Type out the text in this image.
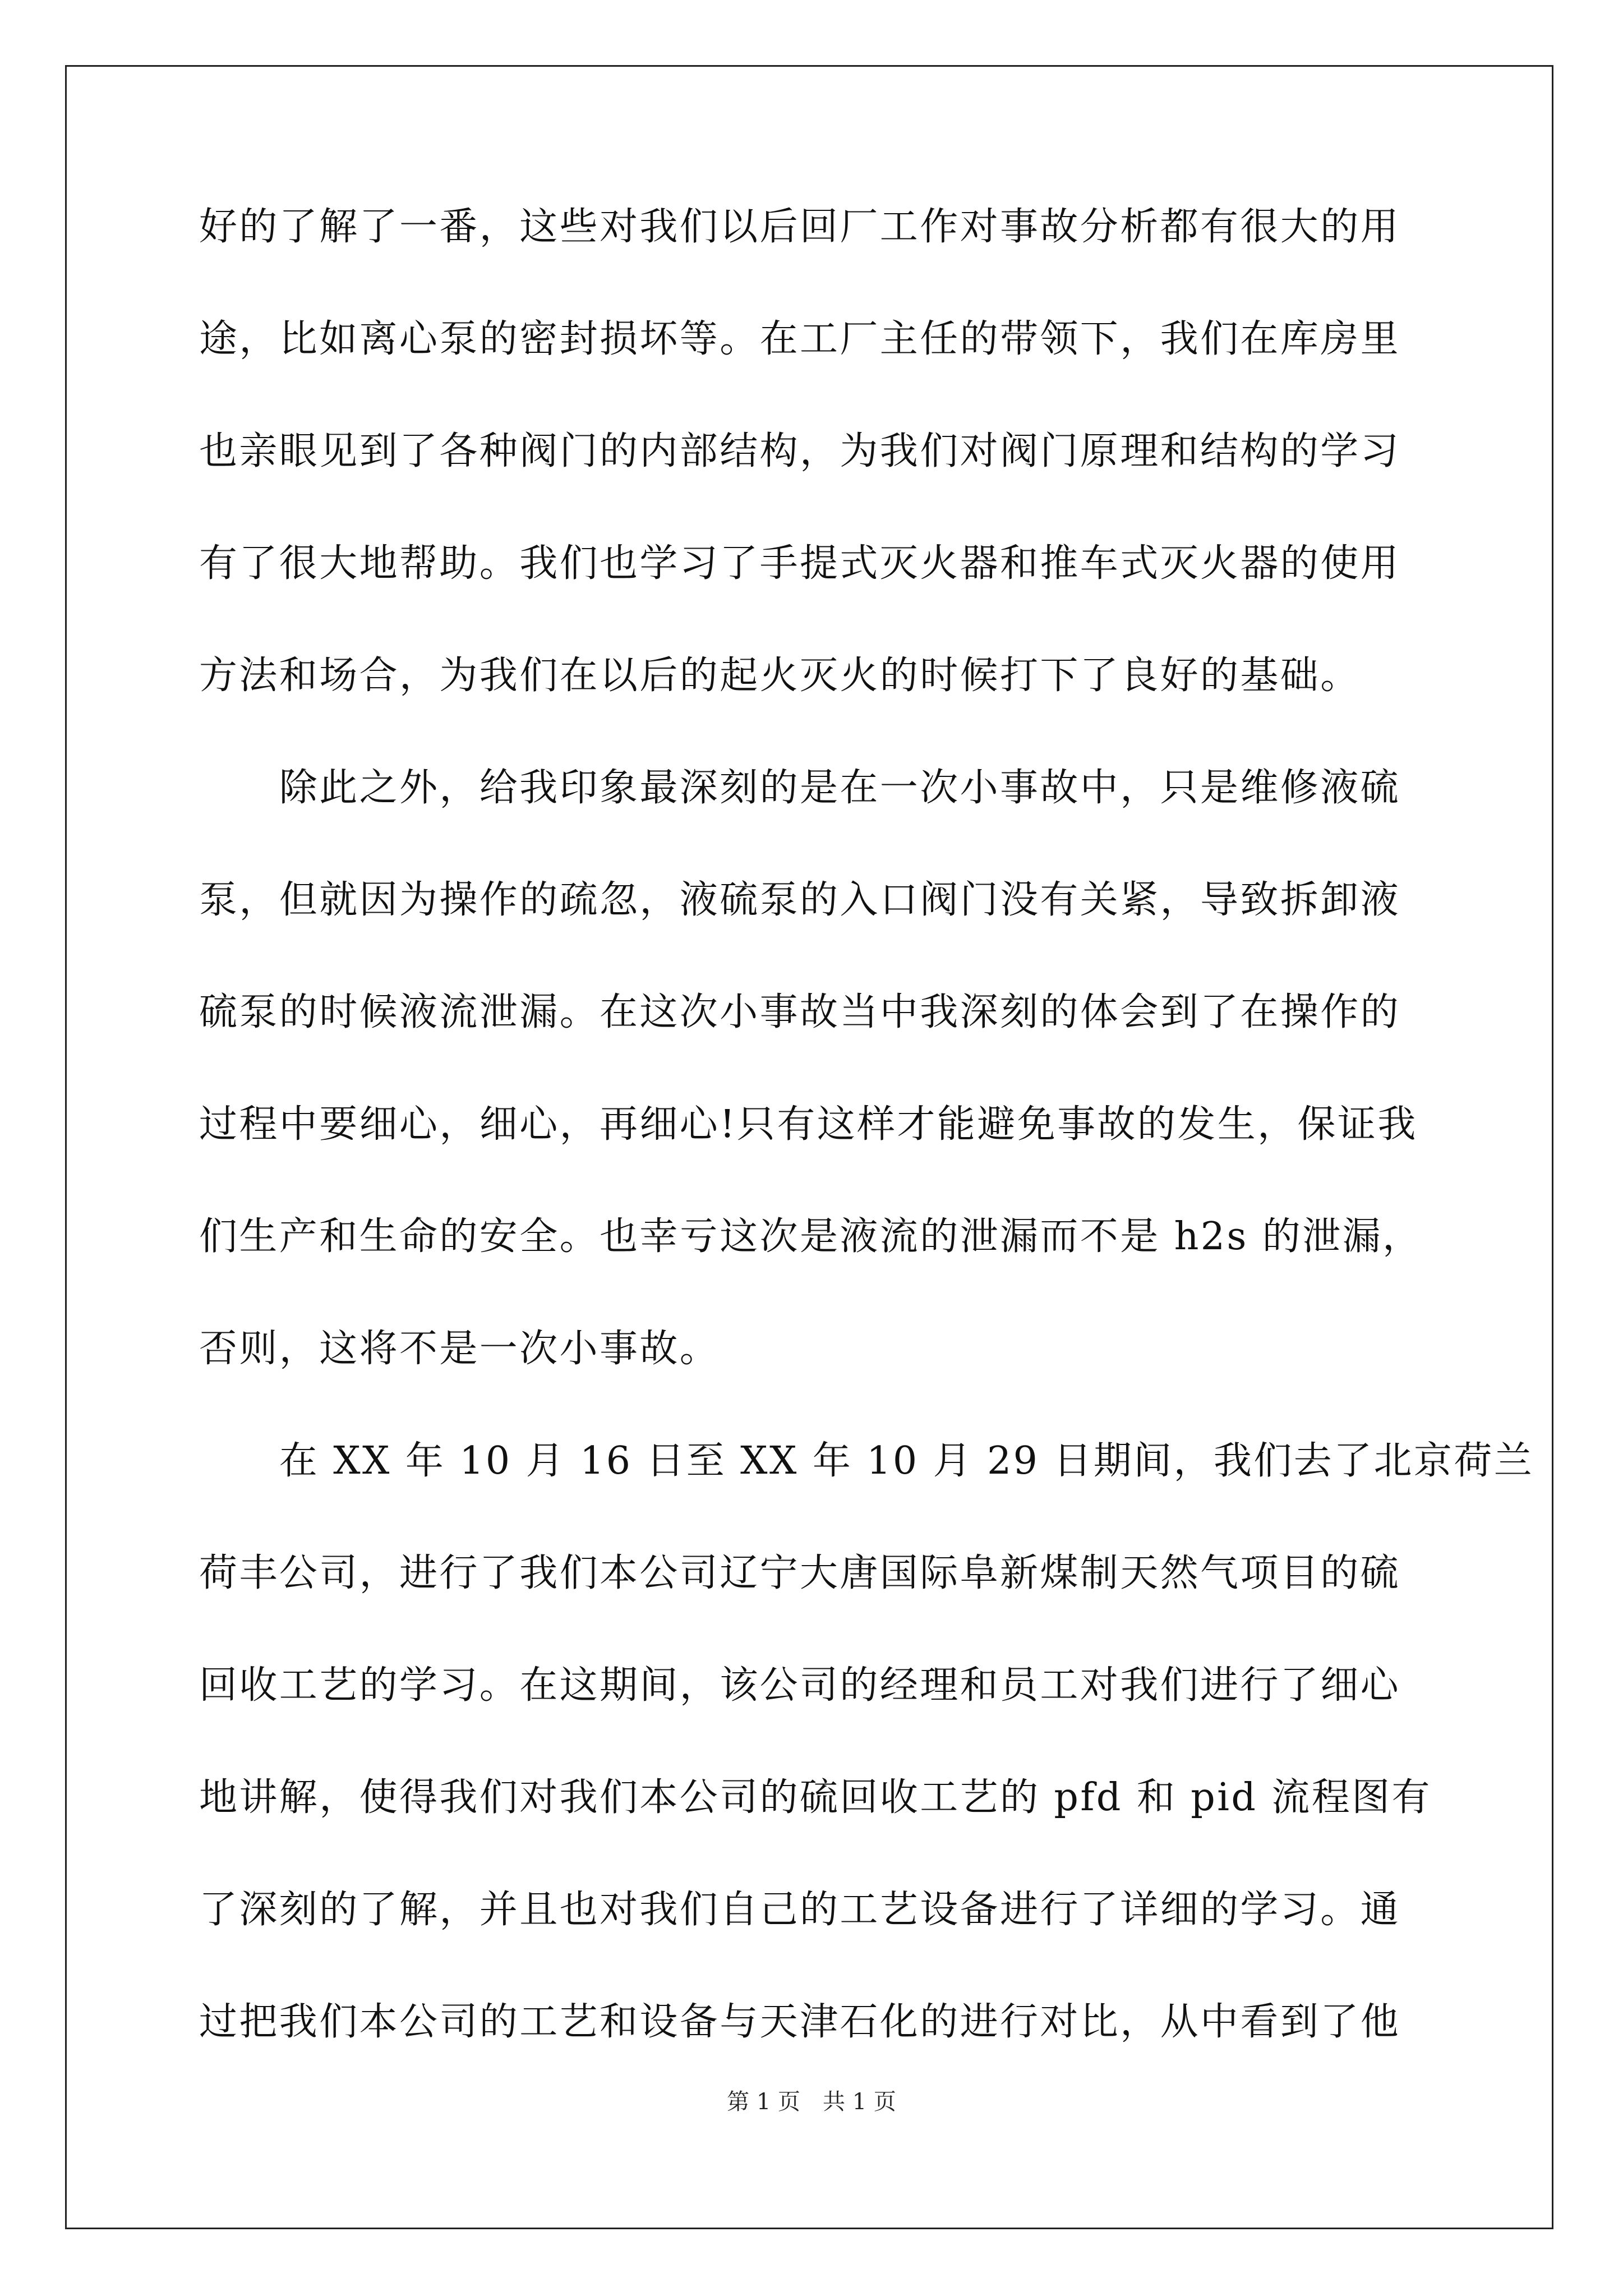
好的了解了一番，这些对我们以后回厂工作对事故分析都有很大的用
途，比如离心泵的密封损坏等。在工厂主任的带领下，我们在库房里
也亲眼见到了各种阀门的内部结构，为我们对阀门原理和结构的学习
有了很大地帮助。我们也学习了手提式灭火器和推车式灭火器的使用
方法和场合，为我们在以后的起火灭火的时候打下了良好的基础。
　　除此之外，给我印象最深刻的是在一次小事故中，只是维修液硫
泵，但就因为操作的疏忽，液硫泵的入口阀门没有关紧，导致拆卸液
硫泵的时候液流泄漏。在这次小事故当中我深刻的体会到了在操作的
过程中要细心，细心，再细心!只有这样才能避免事故的发生，保证我
们生产和生命的安全。也幸亏这次是液流的泄漏而不是 h2s 的泄漏，
否则，这将不是一次小事故。
　　在 XX 年 10 月 16 日至 XX 年 10 月 29 日期间，我们去了北京荷兰
荷丰公司，进行了我们本公司辽宁大唐国际阜新煤制天然气项目的硫
回收工艺的学习。在这期间，该公司的经理和员工对我们进行了细心
地讲解，使得我们对我们本公司的硫回收工艺的 pfd 和 pid 流程图有
了深刻的了解，并且也对我们自己的工艺设备进行了详细的学习。通
过把我们本公司的工艺和设备与天津石化的进行对比，从中看到了他
第 1 页　共 1 页
